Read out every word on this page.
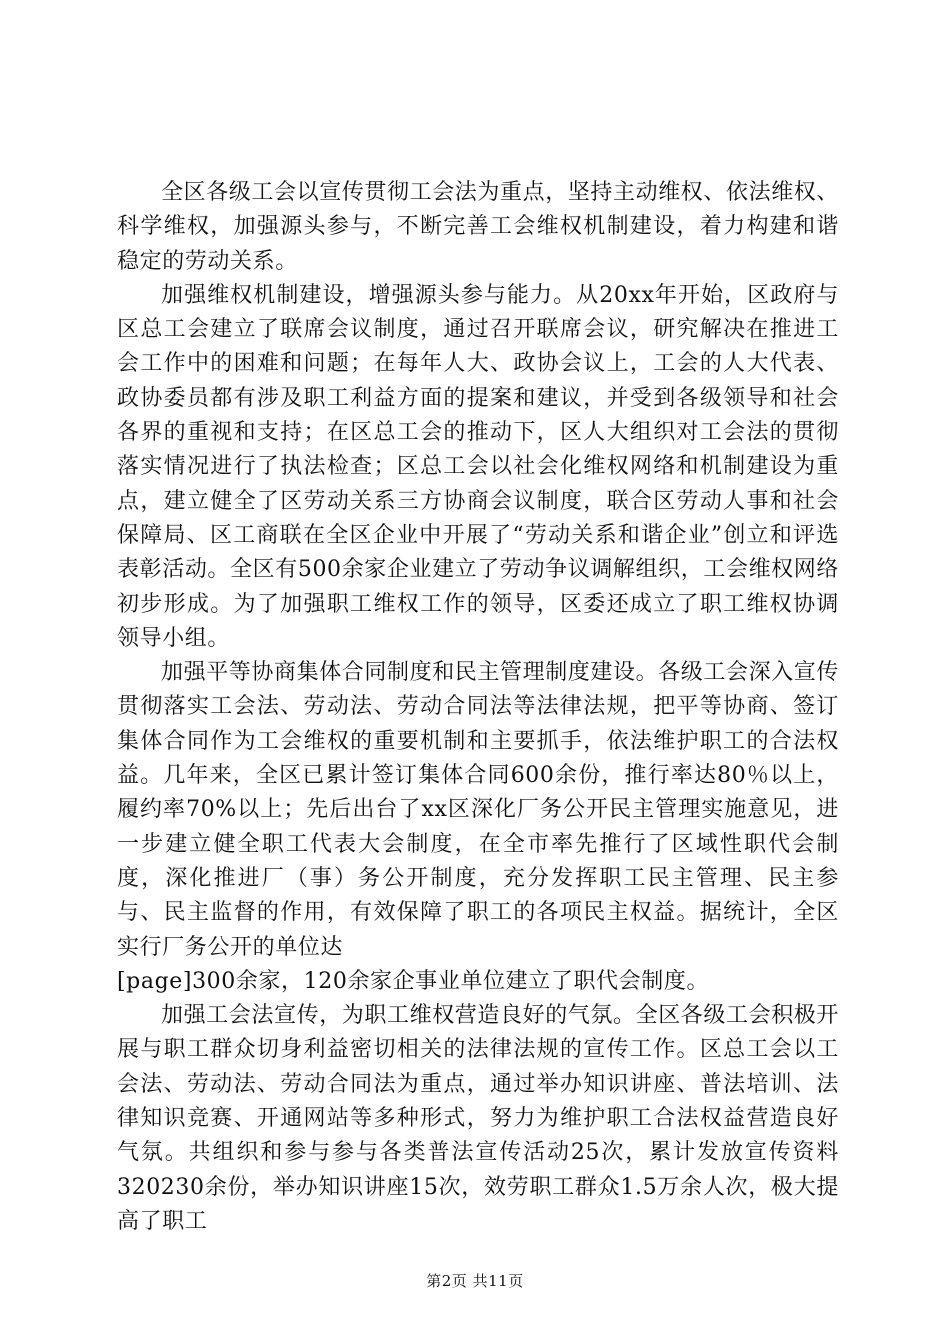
全区各级工会以宣传贯彻工会法为重点，坚持主动维权、依法维权、科学维权，加强源头参与，不断完善工会维权机制建设，着力构建和谐稳定的劳动关系。

加强维权机制建设，增强源头参与能力。从20xx年开始，区政府与区总工会建立了联席会议制度，通过召开联席会议，研究解决在推进工会工作中的困难和问题；在每年人大、政协会议上，工会的人大代表、政协委员都有涉及职工利益方面的提案和建议，并受到各级领导和社会各界的重视和支持；在区总工会的推动下，区人大组织对工会法的贯彻落实情况进行了执法检查；区总工会以社会化维权网络和机制建设为重点，建立健全了区劳动关系三方协商会议制度，联合区劳动人事和社会保障局、区工商联在全区企业中开展了“劳动关系和谐企业”创立和评选表彰活动。全区有500余家企业建立了劳动争议调解组织，工会维权网络初步形成。为了加强职工维权工作的领导，区委还成立了职工维权协调领导小组。

加强平等协商集体合同制度和民主管理制度建设。各级工会深入宣传贯彻落实工会法、劳动法、劳动合同法等法律法规，把平等协商、签订集体合同作为工会维权的重要机制和主要抓手，依法维护职工的合法权益。几年来，全区已累计签订集体合同600余份，推行率达80％以上，履约率70%以上；先后出台了xx区深化厂务公开民主管理实施意见，进一步建立健全职工代表大会制度，在全市率先推行了区域性职代会制度，深化推进厂（事）务公开制度，充分发挥职工民主管理、民主参与、民主监督的作用，有效保障了职工的各项民主权益。据统计，全区实行厂务公开的单位达

[page]300余家，120余家企事业单位建立了职代会制度。

加强工会法宣传，为职工维权营造良好的气氛。全区各级工会积极开展与职工群众切身利益密切相关的法律法规的宣传工作。区总工会以工会法、劳动法、劳动合同法为重点，通过举办知识讲座、普法培训、法律知识竞赛、开通网站等多种形式，努力为维护职工合法权益营造良好气氛。共组织和参与参与各类普法宣传活动25次，累计发放宣传资料320230余份，举办知识讲座15次，效劳职工群众1.5万余人次，极大提高了职工

第2页 共11页
